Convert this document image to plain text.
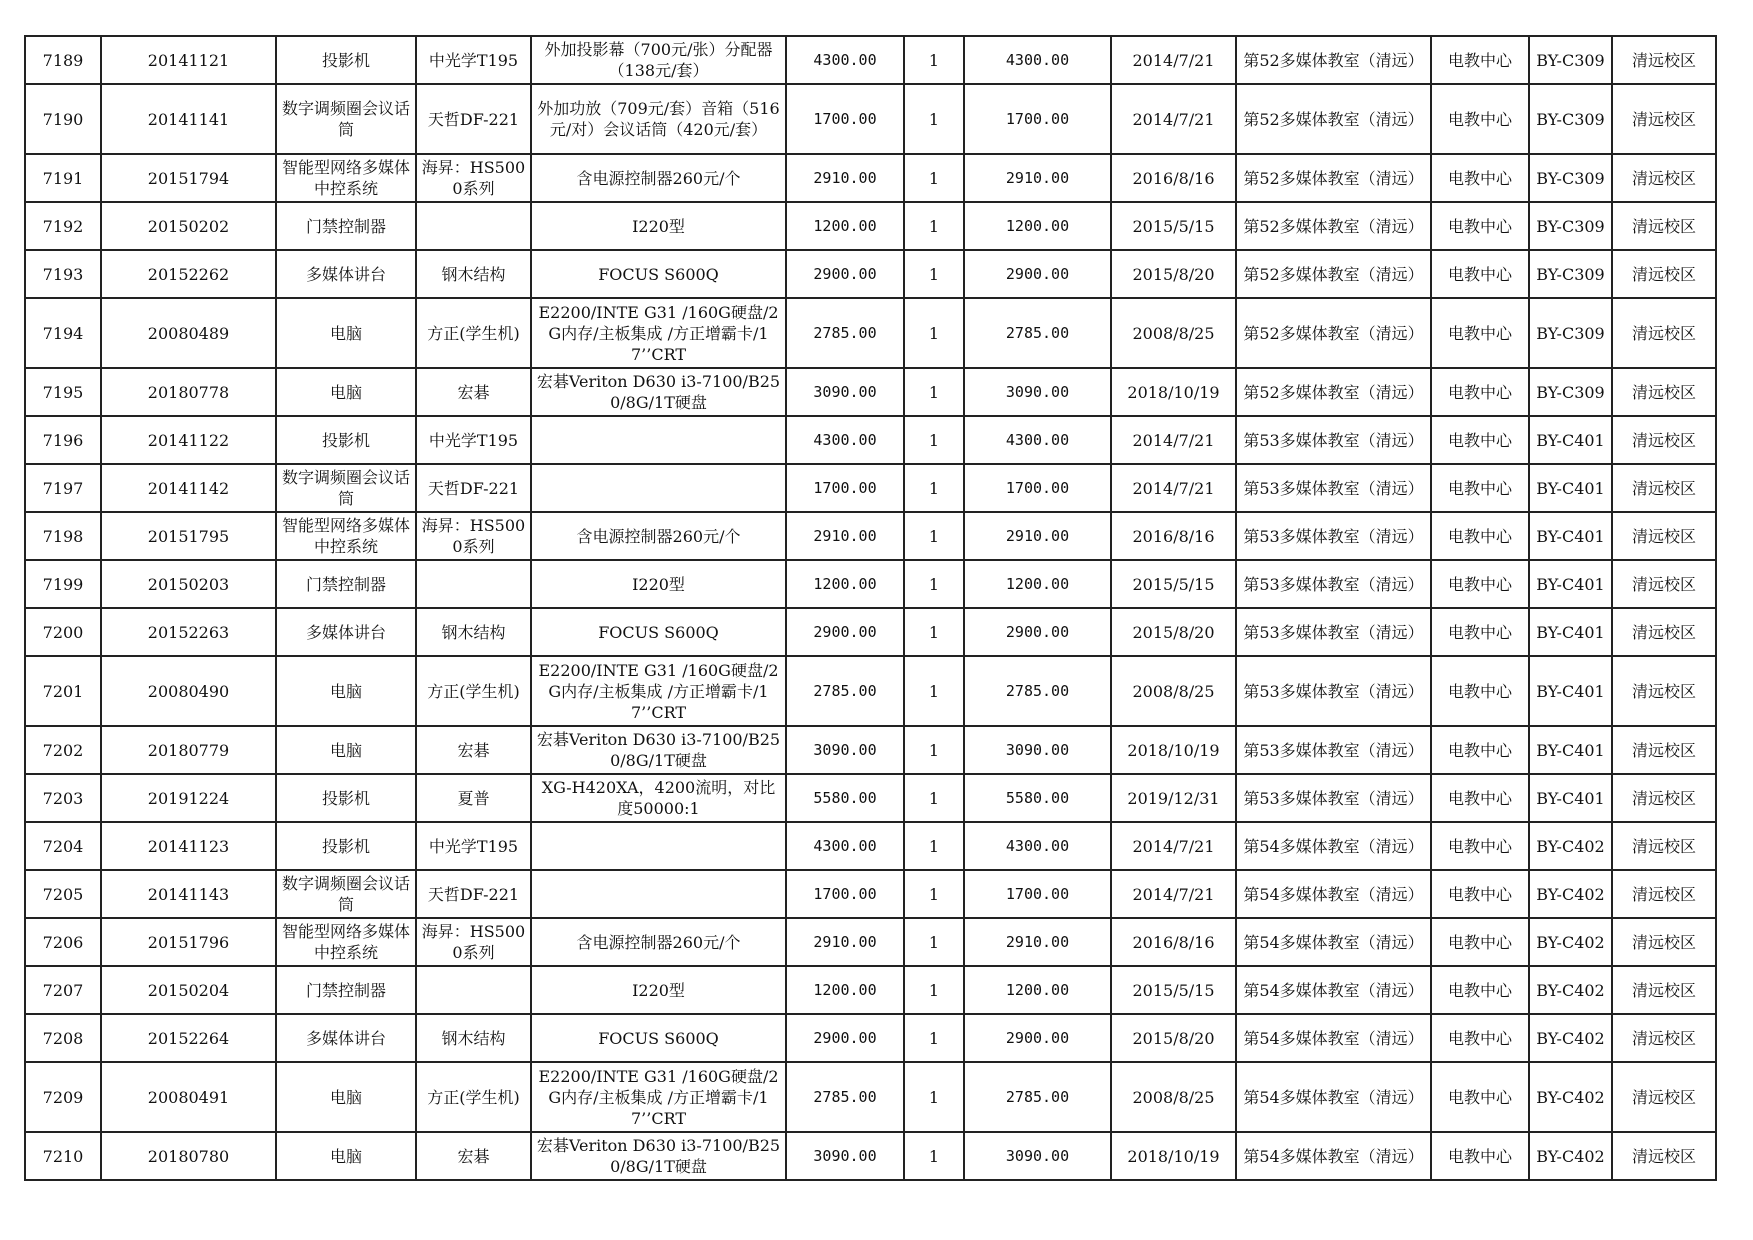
7189	20141121	投影机	中光学T195	外加投影幕（700元/张）分配器（138元/套）	4300.00	1	4300.00	2014/7/21	第52多媒体教室（清远）	电教中心	BY-C309	清远校区
7190	20141141	数字调频圈会议话筒	天哲DF-221	外加功放（709元/套）音箱（516元/对）会议话筒（420元/套）	1700.00	1	1700.00	2014/7/21	第52多媒体教室（清远）	电教中心	BY-C309	清远校区
7191	20151794	智能型网络多媒体中控系统	海昇：HS5000系列	含电源控制器260元/个	2910.00	1	2910.00	2016/8/16	第52多媒体教室（清远）	电教中心	BY-C309	清远校区
7192	20150202	门禁控制器		I220型	1200.00	1	1200.00	2015/5/15	第52多媒体教室（清远）	电教中心	BY-C309	清远校区
7193	20152262	多媒体讲台	钢木结构	FOCUS S600Q	2900.00	1	2900.00	2015/8/20	第52多媒体教室（清远）	电教中心	BY-C309	清远校区
7194	20080489	电脑	方正(学生机)	E2200/INTE G31 /160G硬盘/2G内存/主板集成 /方正增霸卡/17’’CRT	2785.00	1	2785.00	2008/8/25	第52多媒体教室（清远）	电教中心	BY-C309	清远校区
7195	20180778	电脑	宏碁	宏碁Veriton D630 i3-7100/B250/8G/1T硬盘	3090.00	1	3090.00	2018/10/19	第52多媒体教室（清远）	电教中心	BY-C309	清远校区
7196	20141122	投影机	中光学T195		4300.00	1	4300.00	2014/7/21	第53多媒体教室（清远）	电教中心	BY-C401	清远校区
7197	20141142	数字调频圈会议话筒	天哲DF-221		1700.00	1	1700.00	2014/7/21	第53多媒体教室（清远）	电教中心	BY-C401	清远校区
7198	20151795	智能型网络多媒体中控系统	海昇：HS5000系列	含电源控制器260元/个	2910.00	1	2910.00	2016/8/16	第53多媒体教室（清远）	电教中心	BY-C401	清远校区
7199	20150203	门禁控制器		I220型	1200.00	1	1200.00	2015/5/15	第53多媒体教室（清远）	电教中心	BY-C401	清远校区
7200	20152263	多媒体讲台	钢木结构	FOCUS S600Q	2900.00	1	2900.00	2015/8/20	第53多媒体教室（清远）	电教中心	BY-C401	清远校区
7201	20080490	电脑	方正(学生机)	E2200/INTE G31 /160G硬盘/2G内存/主板集成 /方正增霸卡/17’’CRT	2785.00	1	2785.00	2008/8/25	第53多媒体教室（清远）	电教中心	BY-C401	清远校区
7202	20180779	电脑	宏碁	宏碁Veriton D630 i3-7100/B250/8G/1T硬盘	3090.00	1	3090.00	2018/10/19	第53多媒体教室（清远）	电教中心	BY-C401	清远校区
7203	20191224	投影机	夏普	XG-H420XA，4200流明，对比度50000:1	5580.00	1	5580.00	2019/12/31	第53多媒体教室（清远）	电教中心	BY-C401	清远校区
7204	20141123	投影机	中光学T195		4300.00	1	4300.00	2014/7/21	第54多媒体教室（清远）	电教中心	BY-C402	清远校区
7205	20141143	数字调频圈会议话筒	天哲DF-221		1700.00	1	1700.00	2014/7/21	第54多媒体教室（清远）	电教中心	BY-C402	清远校区
7206	20151796	智能型网络多媒体中控系统	海昇：HS5000系列	含电源控制器260元/个	2910.00	1	2910.00	2016/8/16	第54多媒体教室（清远）	电教中心	BY-C402	清远校区
7207	20150204	门禁控制器		I220型	1200.00	1	1200.00	2015/5/15	第54多媒体教室（清远）	电教中心	BY-C402	清远校区
7208	20152264	多媒体讲台	钢木结构	FOCUS S600Q	2900.00	1	2900.00	2015/8/20	第54多媒体教室（清远）	电教中心	BY-C402	清远校区
7209	20080491	电脑	方正(学生机)	E2200/INTE G31 /160G硬盘/2G内存/主板集成 /方正增霸卡/17’’CRT	2785.00	1	2785.00	2008/8/25	第54多媒体教室（清远）	电教中心	BY-C402	清远校区
7210	20180780	电脑	宏碁	宏碁Veriton D630 i3-7100/B250/8G/1T硬盘	3090.00	1	3090.00	2018/10/19	第54多媒体教室（清远）	电教中心	BY-C402	清远校区
